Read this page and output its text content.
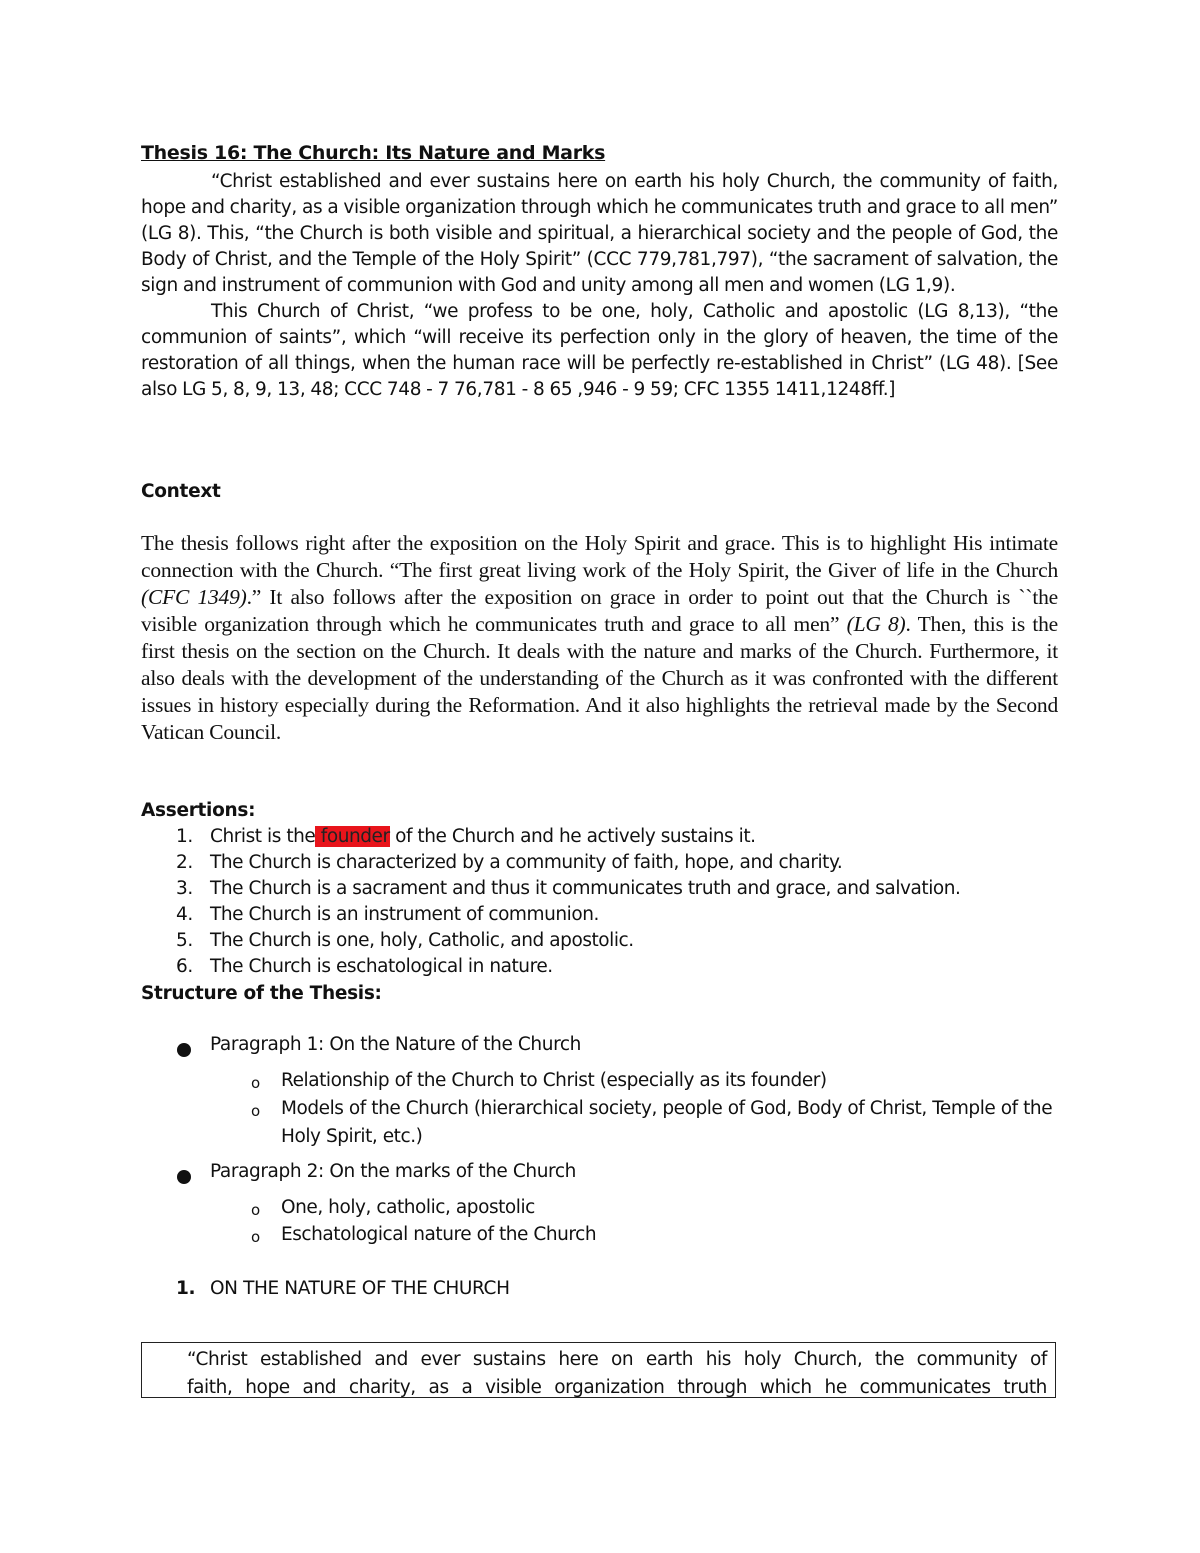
Thesis 16: The Church: Its Nature and Marks

“Christ established and ever sustains here on earth his holy Church, the community of faith, hope and charity, as a visible organization through which he communicates truth and grace to all men” (LG 8). This, “the Church is both visible and spiritual, a hierarchical society and the people of God, the Body of Christ, and the Temple of the Holy Spirit” (CCC 779,781,797), “the sacrament of salvation, the sign and instrument of communion with God and unity among all men and women (LG 1,9).

This Church of Christ, “we profess to be one, holy, Catholic and apostolic (LG 8,13), “the communion of saints”, which “will receive its perfection only in the glory of heaven, the time of the restoration of all things, when the human race will be perfectly re-established in Christ” (LG 48). [See also LG 5, 8, 9, 13, 48; CCC 748 - 7 76,781 - 8 65 ,946 - 9 59; CFC 1355 1411,1248ff.]

Context

The thesis follows right after the exposition on the Holy Spirit and grace. This is to highlight His intimate connection with the Church. “The first great living work of the Holy Spirit, the Giver of life in the Church (CFC 1349).” It also follows after the exposition on grace in order to point out that the Church is ``the visible organization through which he communicates truth and grace to all men” (LG 8). Then, this is the first thesis on the section on the Church. It deals with the nature and marks of the Church. Furthermore, it also deals with the development of the understanding of the Church as it was confronted with the different issues in history especially during the Reformation. And it also highlights the retrieval made by the Second Vatican Council.

Assertions:
1. Christ is the founder of the Church and he actively sustains it.
2. The Church is characterized by a community of faith, hope, and charity.
3. The Church is a sacrament and thus it communicates truth and grace, and salvation.
4. The Church is an instrument of communion.
5. The Church is one, holy, Catholic, and apostolic.
6. The Church is eschatological in nature.
Structure of the Thesis:
Paragraph 1: On the Nature of the Church
o Relationship of the Church to Christ (especially as its founder)
o Models of the Church (hierarchical society, people of God, Body of Christ, Temple of the Holy Spirit, etc.)
Paragraph 2: On the marks of the Church
o One, holy, catholic, apostolic
o Eschatological nature of the Church
1. ON THE NATURE OF THE CHURCH

“Christ established and ever sustains here on earth his holy Church, the community of
faith, hope and charity, as a visible organization through which he communicates truth
